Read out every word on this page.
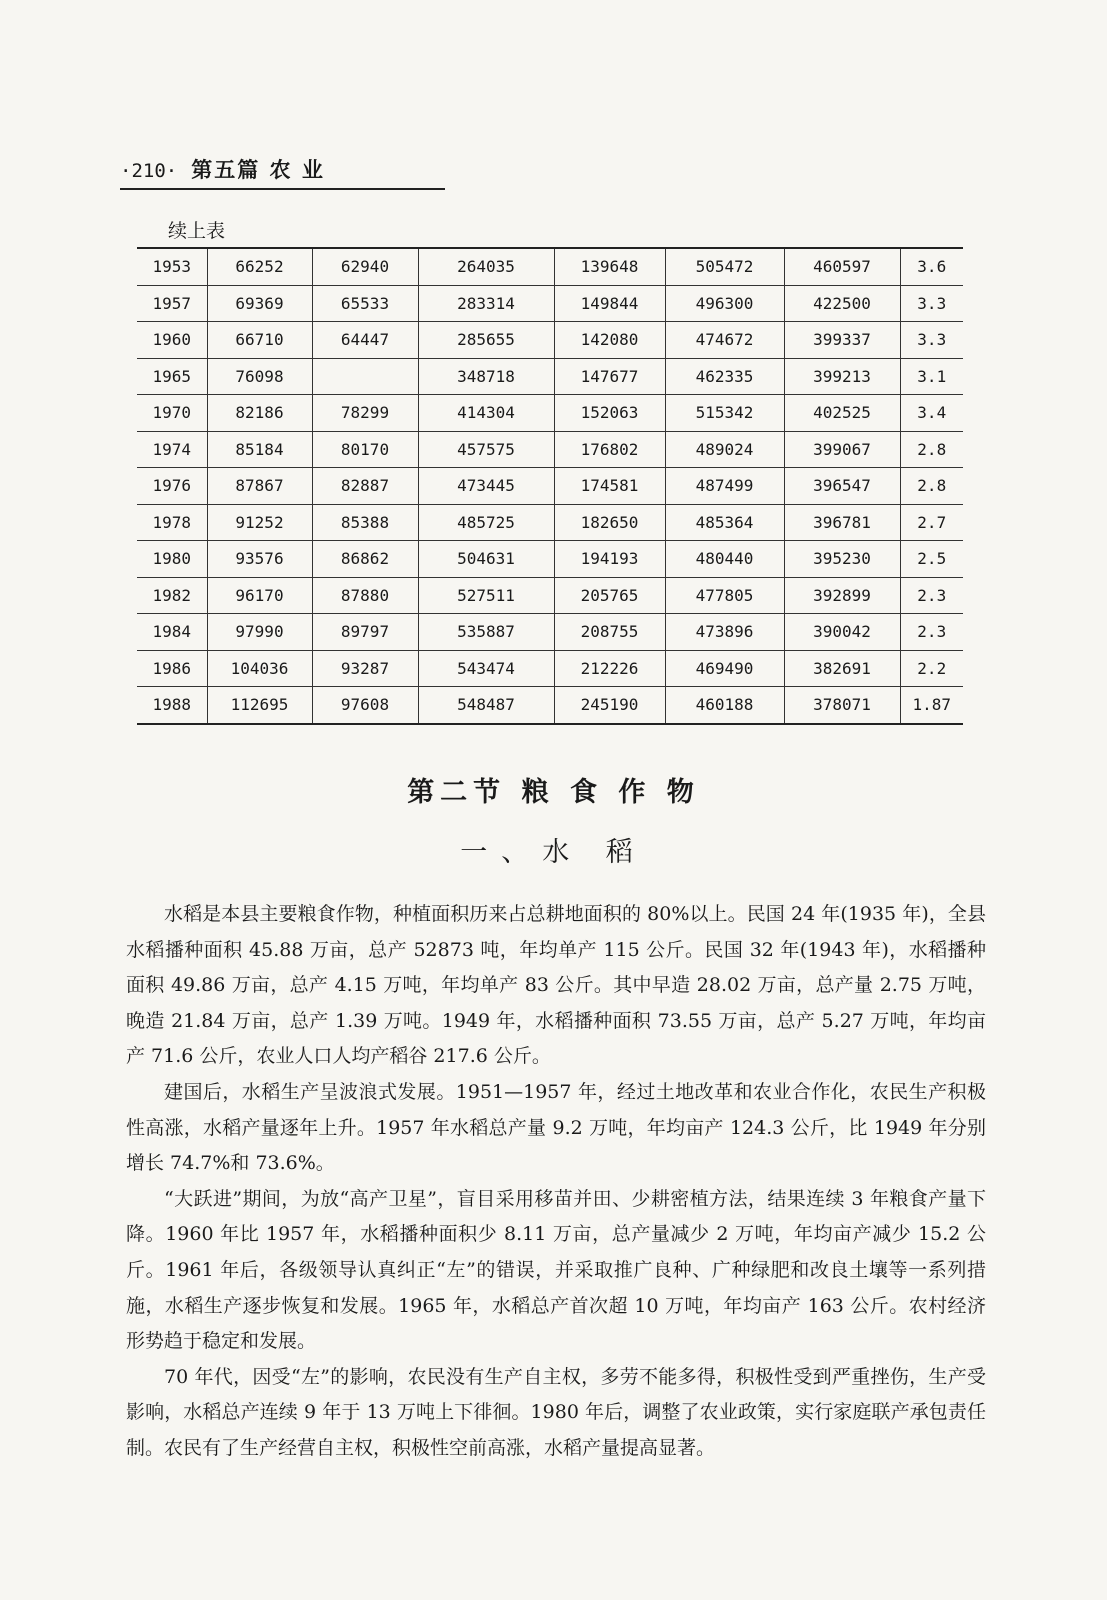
·210· 第五篇 农 业
续上表
1953	66252	62940	264035	139648	505472	460597	3.6
1957	69369	65533	283314	149844	496300	422500	3.3
1960	66710	64447	285655	142080	474672	399337	3.3
1965	76098		348718	147677	462335	399213	3.1
1970	82186	78299	414304	152063	515342	402525	3.4
1974	85184	80170	457575	176802	489024	399067	2.8
1976	87867	82887	473445	174581	487499	396547	2.8
1978	91252	85388	485725	182650	485364	396781	2.7
1980	93576	86862	504631	194193	480440	395230	2.5
1982	96170	87880	527511	205765	477805	392899	2.3
1984	97990	89797	535887	208755	473896	390042	2.3
1986	104036	93287	543474	212226	469490	382691	2.2
1988	112695	97608	548487	245190	460188	378071	1.87
第二节 粮 食 作 物
一、水 稻

水稻是本县主要粮食作物，种植面积历来占总耕地面积的 80%以上。民国 24 年(1935 年)，全县水稻播种面积 45.88 万亩，总产 52873 吨，年均单产 115 公斤。民国 32 年(1943 年)，水稻播种面积 49.86 万亩，总产 4.15 万吨，年均单产 83 公斤。其中早造 28.02 万亩，总产量 2.75 万吨，晚造 21.84 万亩，总产 1.39 万吨。1949 年，水稻播种面积 73.55 万亩，总产 5.27 万吨，年均亩产 71.6 公斤，农业人口人均产稻谷 217.6 公斤。

建国后，水稻生产呈波浪式发展。1951—1957 年，经过土地改革和农业合作化，农民生产积极性高涨，水稻产量逐年上升。1957 年水稻总产量 9.2 万吨，年均亩产 124.3 公斤，比 1949 年分别增长 74.7%和 73.6%。

“大跃进”期间，为放“高产卫星”，盲目采用移苗并田、少耕密植方法，结果连续 3 年粮食产量下降。1960 年比 1957 年，水稻播种面积少 8.11 万亩，总产量减少 2 万吨，年均亩产减少 15.2 公斤。1961 年后，各级领导认真纠正“左”的错误，并采取推广良种、广种绿肥和改良土壤等一系列措施，水稻生产逐步恢复和发展。1965 年，水稻总产首次超 10 万吨，年均亩产 163 公斤。农村经济形势趋于稳定和发展。

70 年代，因受“左”的影响，农民没有生产自主权，多劳不能多得，积极性受到严重挫伤，生产受影响，水稻总产连续 9 年于 13 万吨上下徘徊。1980 年后，调整了农业政策，实行家庭联产承包责任制。农民有了生产经营自主权，积极性空前高涨，水稻产量提高显著。
